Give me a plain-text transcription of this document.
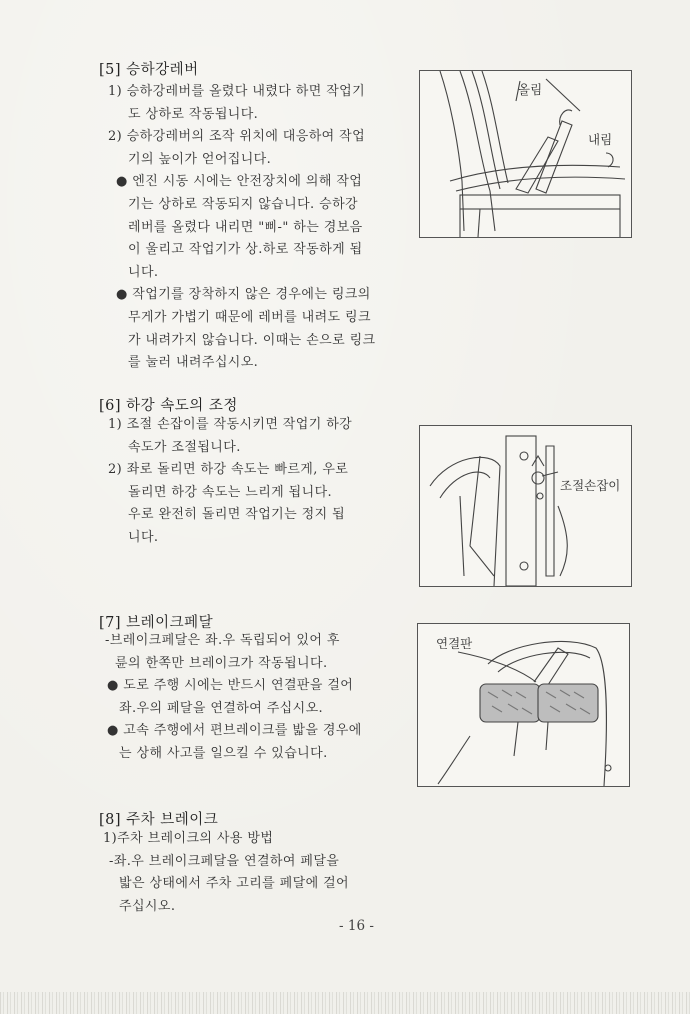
[5] 승하강레버
1) 승하강레버를 올렸다 내렸다 하면 작업기
도 상하로 작동됩니다.
2) 승하강레버의 조작 위치에 대응하여 작업
기의 높이가 얻어집니다.
● 엔진 시동 시에는 안전장치에 의해 작업
기는 상하로 작동되지 않습니다. 승하강
레버를 올렸다 내리면 "삐-" 하는 경보음
이 울리고 작업기가 상.하로 작동하게 됩
니다.
● 작업기를 장착하지 않은 경우에는 링크의
무게가 가볍기 때문에 레버를 내려도 링크
가 내려가지 않습니다. 이때는 손으로 링크
를 눌러 내려주십시오.
올림
내림
[6] 하강 속도의 조정
1) 조절 손잡이를 작동시키면 작업기 하강
속도가 조절됩니다.
2) 좌로 돌리면 하강 속도는 빠르게, 우로
돌리면 하강 속도는 느리게 됩니다.
우로 완전히 돌리면 작업기는 정지 됩
니다.
조절손잡이
[7] 브레이크페달
-브레이크페달은 좌.우 독립되어 있어 후
륜의 한쪽만 브레이크가 작동됩니다.
● 도로 주행 시에는 반드시 연결판을 걸어
좌.우의 페달을 연결하여 주십시오.
● 고속 주행에서 편브레이크를 밟을 경우에
는 상해 사고를 일으킬 수 있습니다.
연결판
[8] 주차 브레이크
1)주차 브레이크의 사용 방법
-좌.우 브레이크페달을 연결하여 페달을
밟은 상태에서 주차 고리를 페달에 걸어
주십시오.
- 16 -
